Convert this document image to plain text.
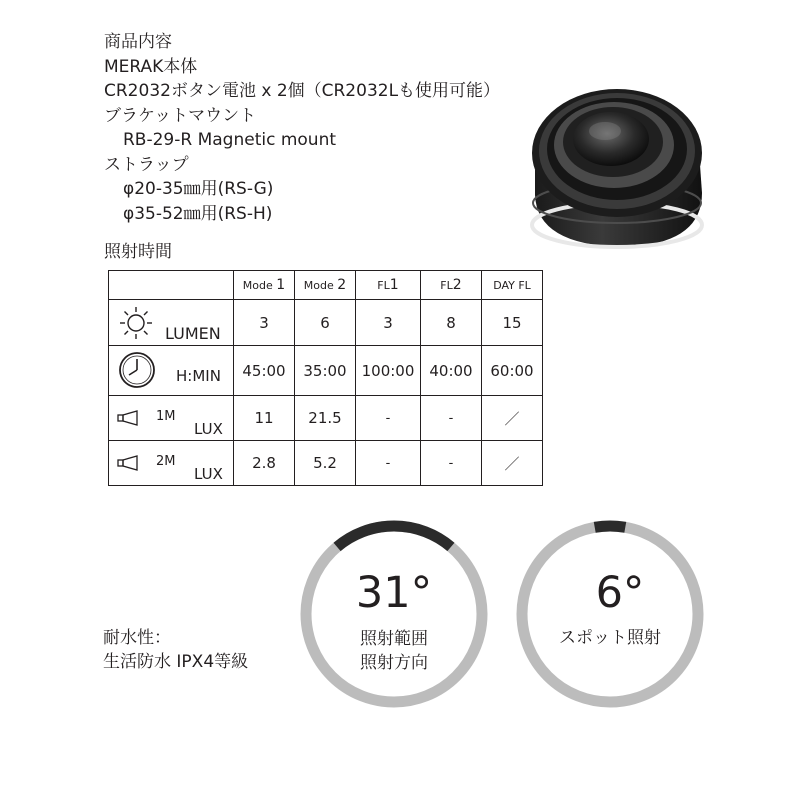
商品内容
MERAK本体
CR2032ボタン電池 x 2個（CR2032Lも使用可能）
ブラケットマウント
RB-29-R Magnetic mount
ストラップ
φ20-35㎜用(RS-G)
φ35-52㎜用(RS-H)
照射時間
	Mode 1	Mode 2	FL1	FL2	DAY FL

LUMEN	3	6	3	8	15

H:MIN	45:00	35:00	100:00	40:00	60:00

1M
LUX	11	21.5	-	-	／

2M
LUX	2.8	5.2	-	-	／
31°
照射範囲
照射方向
6°
スポット照射
耐水性：
生活防水 IPX4等級
